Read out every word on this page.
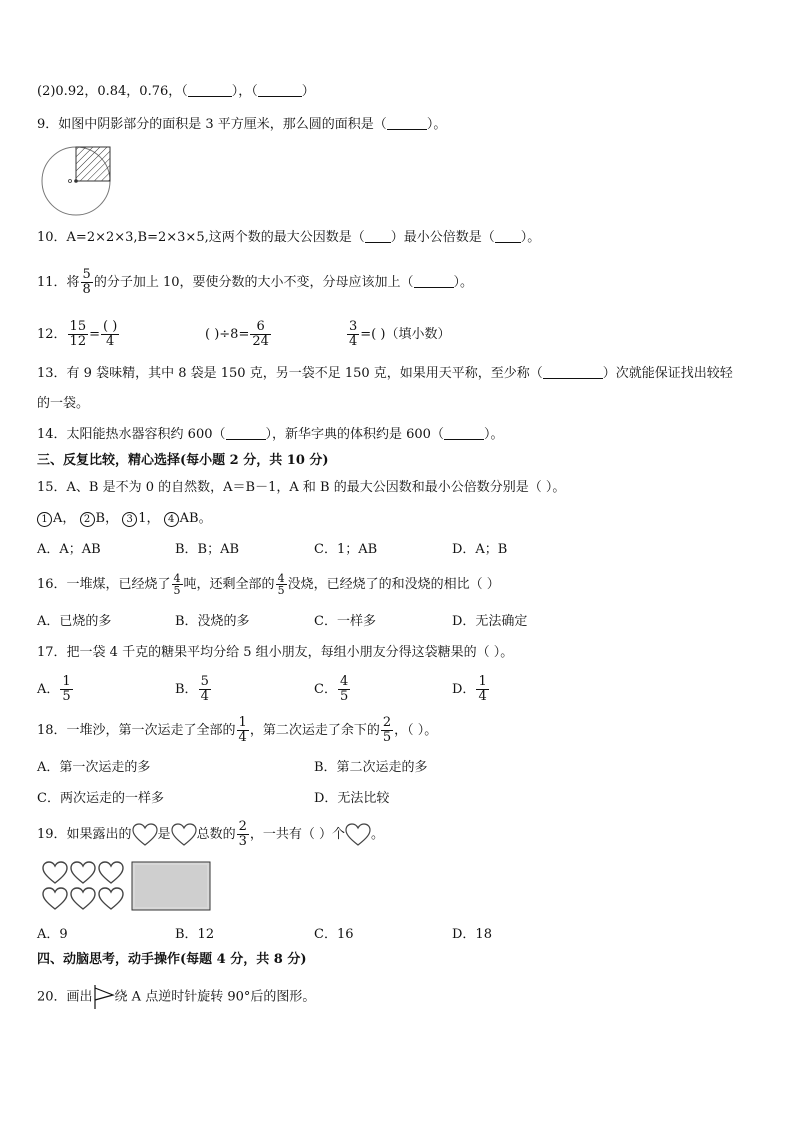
(2)0.92，0.84，0.76，（	），（	）
9．如图中阴影部分的面积是 3 平方厘米，那么圆的面积是（	）。
10．A=2×2×3,B=2×3×5,这两个数的最大公因数是（ ）最小公倍数是（ ）。
11．将 $\frac{5}{8}$ 的分子加上 10，要使分数的大小不变，分母应该加上（	）。
12． $\frac{15}{12} = \frac{( )}{4}$	( )$\div 8= \frac{6}{24}$	$\frac{3}{4}$ =( )（填小数）
13．有 9 袋味精，其中 8 袋是 150 克，另一袋不足 150 克，如果用天平称，至少称（	）次就能保证找出较轻
的一袋。
14．太阳能热水器容积约 600（	），新华字典的体积约是 600（	）。
三、反复比较，精心选择(每小题 2 分，共 10 分)
15．A、B 是不为 0 的自然数，A＝B－1，A 和 B 的最大公因数和最小公倍数分别是（ ）。
1 A， 2 B， 3 1， 4 AB。
A．A；AB	B．B；AB	C．1；AB	D．A；B
16．一堆煤，已经烧了 $\frac{4}{5}$ 吨，还剩全部的 $\frac{4}{5}$ 没烧，已经烧了的和没烧的相比（ ）
A．已烧的多	B．没烧的多	C．一样多	D．无法确定
17．把一袋 4 千克的糖果平均分给 5 组小朋友，每组小朋友分得这袋糖果的（ ）。
A． $\frac{1}{5}$	B． $\frac{5}{4}$	C． $\frac{4}{5}$	D． $\frac{1}{4}$
18．一堆沙，第一次运走了全部的 $\frac{1}{4}$ ，第二次运走了余下的 $\frac{2}{5}$ ，（ ）。
A．第一次运走的多	B．第二次运走的多
C．两次运走的一样多	D．无法比较
19．如果露出的 是 总数的 $\frac{2}{3}$ ，一共有（ ）个 。
A．9	B．12	C．16	D．18
四、动脑思考，动手操作(每题 4 分，共 8 分)
20．画出 绕 A 点逆时针旋转 90°后的图形。
